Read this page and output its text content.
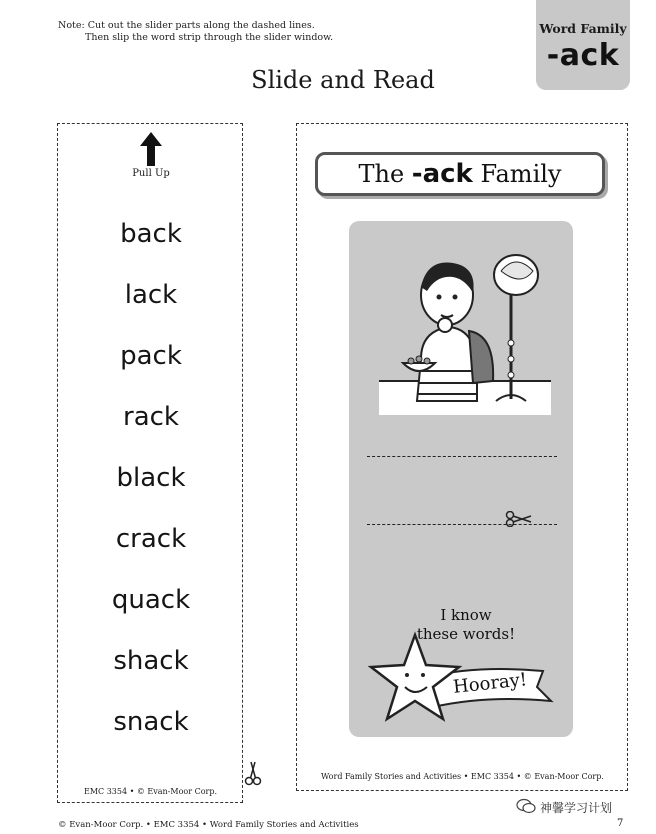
Note: Cut out the slider parts along the dashed lines.
Then slip the word strip through the slider window.
Word Family
-ack
Slide and Read
Pull Up
back
lack
pack
rack
black
crack
quack
shack
snack
EMC 3354 • © Evan-Moor Corp.
The -ack Family
I know
these words!
Hooray!
Word Family Stories and Activities • EMC 3354 • © Evan-Moor Corp.
神馨学习计划
© Evan-Moor Corp. • EMC 3354 • Word Family Stories and Activities	7
